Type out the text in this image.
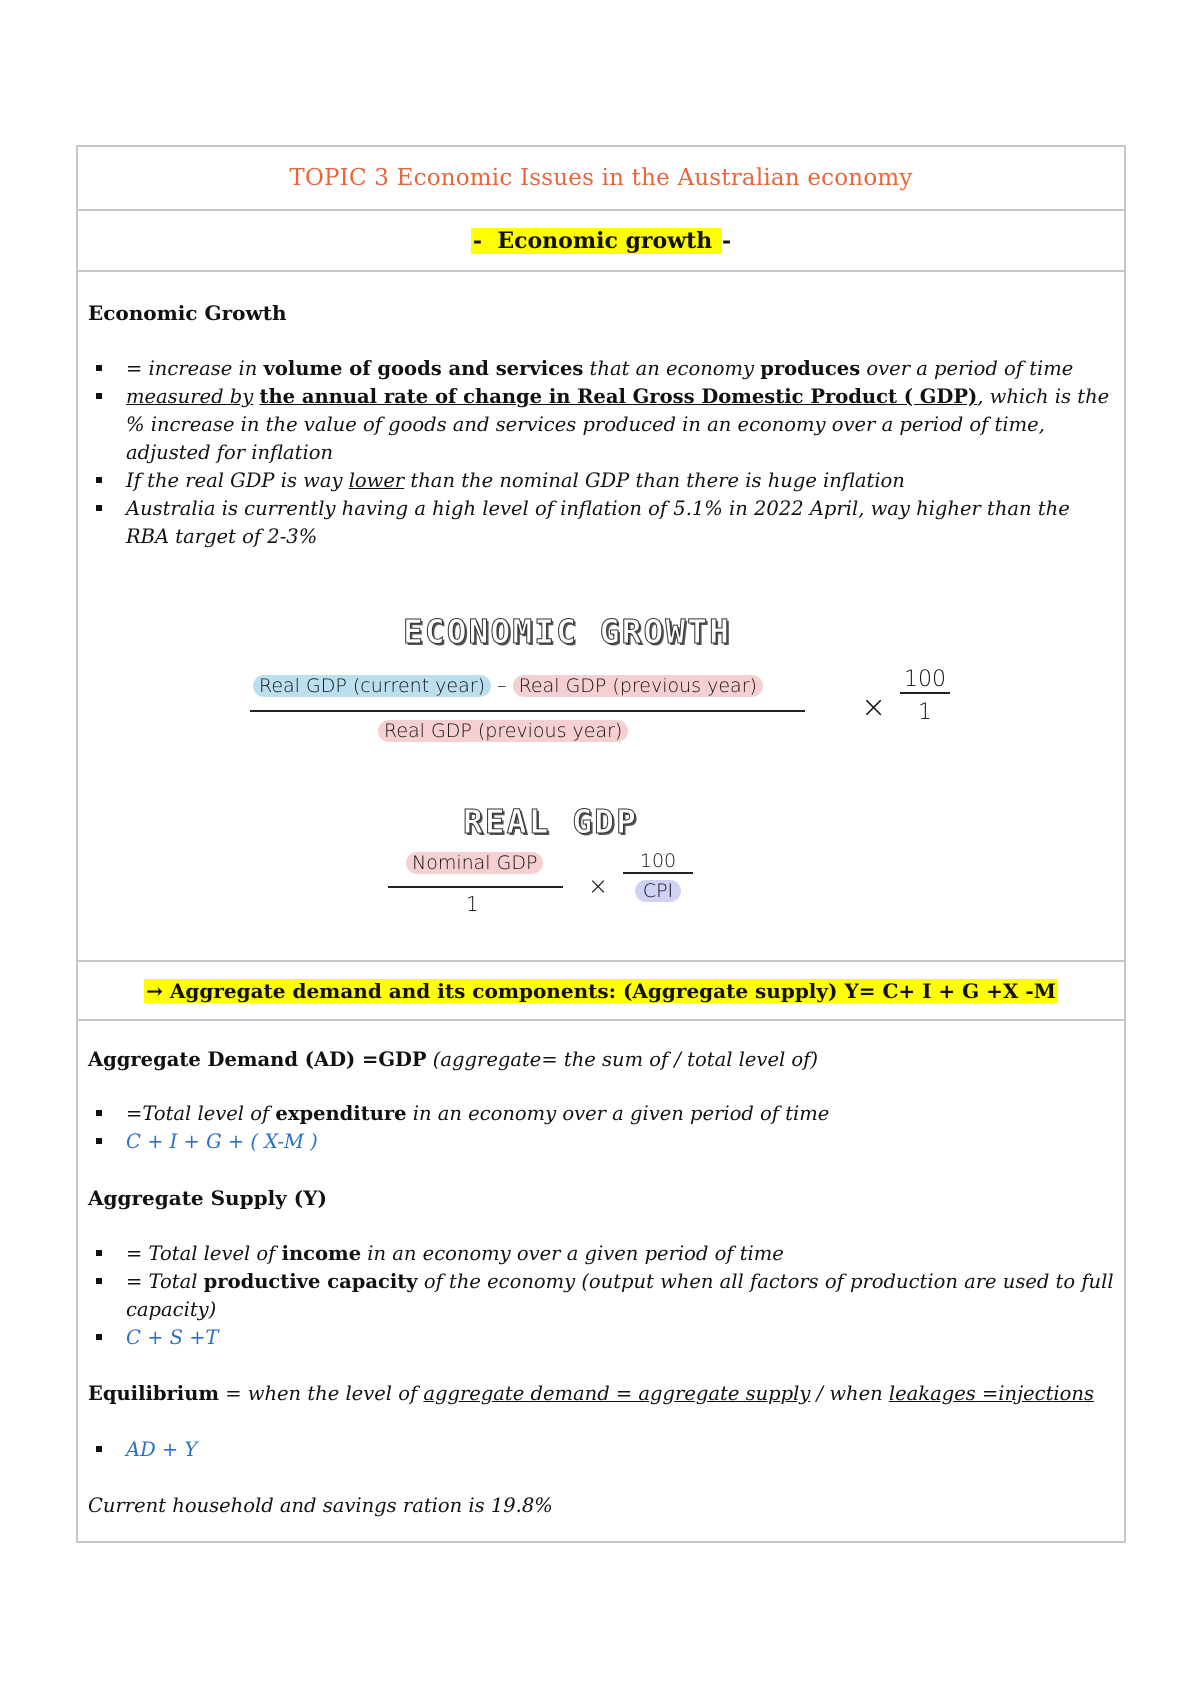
TOPIC 3 Economic Issues in the Australian economy
- Economic growth -
Economic Growth
= increase in volume of goods and services that an economy produces over a period of time
measured by the annual rate of change in Real Gross Domestic Product ( GDP), which is the % increase in the value of goods and services produced in an economy over a period of time, adjusted for inflation
If the real GDP is way lower than the nominal GDP than there is huge inflation
Australia is currently having a high level of inflation of 5.1% in 2022 April, way higher than the RBA target of 2-3%
ECONOMIC GROWTH
Real GDP (current year) – Real GDP (previous year)
Real GDP (previous year)
×
100
1
REAL GDP
Nominal GDP
1
×
100
CPI
→ Aggregate demand and its components: (Aggregate supply) Y= C+ I + G +X -M
Aggregate Demand (AD) =GDP (aggregate= the sum of / total level of)
=Total level of expenditure in an economy over a given period of time
C + I + G + ( X-M )
Aggregate Supply (Y)
= Total level of income in an economy over a given period of time
= Total productive capacity of the economy (output when all factors of production are used to full capacity)
C + S +T
Equilibrium = when the level of aggregate demand = aggregate supply / when leakages =injections
AD + Y
Current household and savings ration is 19.8%
